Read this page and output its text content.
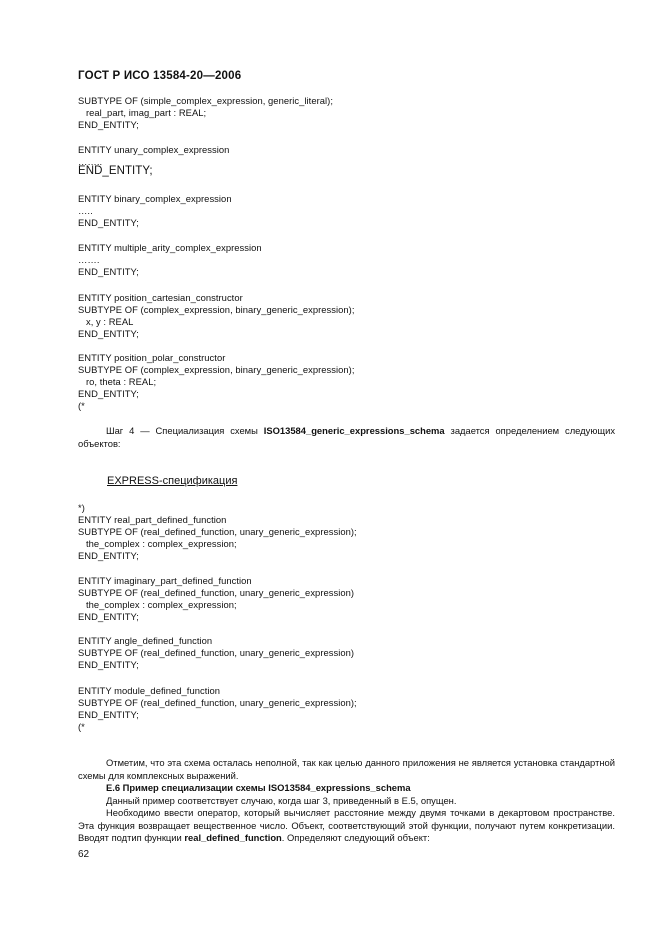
ГОСТ Р ИСО 13584-20—2006
SUBTYPE OF (simple_complex_expression, generic_literal);
real_part, imag_part : REAL;
END_ENTITY;
ENTITY unary_complex_expression
……..
END_ENTITY;
ENTITY binary_complex_expression
…..
END_ENTITY;
ENTITY multiple_arity_complex_expression
…….
END_ENTITY;
ENTITY position_cartesian_constructor
SUBTYPE OF (complex_expression, binary_generic_expression);
x, y : REAL
END_ENTITY;
ENTITY position_polar_constructor
SUBTYPE OF (complex_expression, binary_generic_expression);
ro, theta : REAL;
END_ENTITY;
(*
Шаг 4 — Специализация схемы ISO13584_generic_expressions_schema задается определением следующих объектов:
EXPRESS-спецификация
*)
ENTITY real_part_defined_function
SUBTYPE OF (real_defined_function, unary_generic_expression);
the_complex : complex_expression;
END_ENTITY;
ENTITY imaginary_part_defined_function
SUBTYPE OF (real_defined_function, unary_generic_expression)
the_complex : complex_expression;
END_ENTITY;
ENTITY angle_defined_function
SUBTYPE OF (real_defined_function, unary_generic_expression)
END_ENTITY;
ENTITY module_defined_function
SUBTYPE OF (real_defined_function, unary_generic_expression);
END_ENTITY;
(*
Отметим, что эта схема осталась неполной, так как целью данного приложения не является установка стандартной схемы для комплексных выражений.
Е.6 Пример специализации схемы ISO13584_expressions_schema
Данный пример соответствует случаю, когда шаг 3, приведенный в Е.5, опущен.
Необходимо ввести оператор, который вычисляет расстояние между двумя точками в декартовом пространстве. Эта функция возвращает вещественное число. Объект, соответствующий этой функции, получают путем конкретизации. Вводят подтип функции real_defined_function. Определяют следующий объект:
62
